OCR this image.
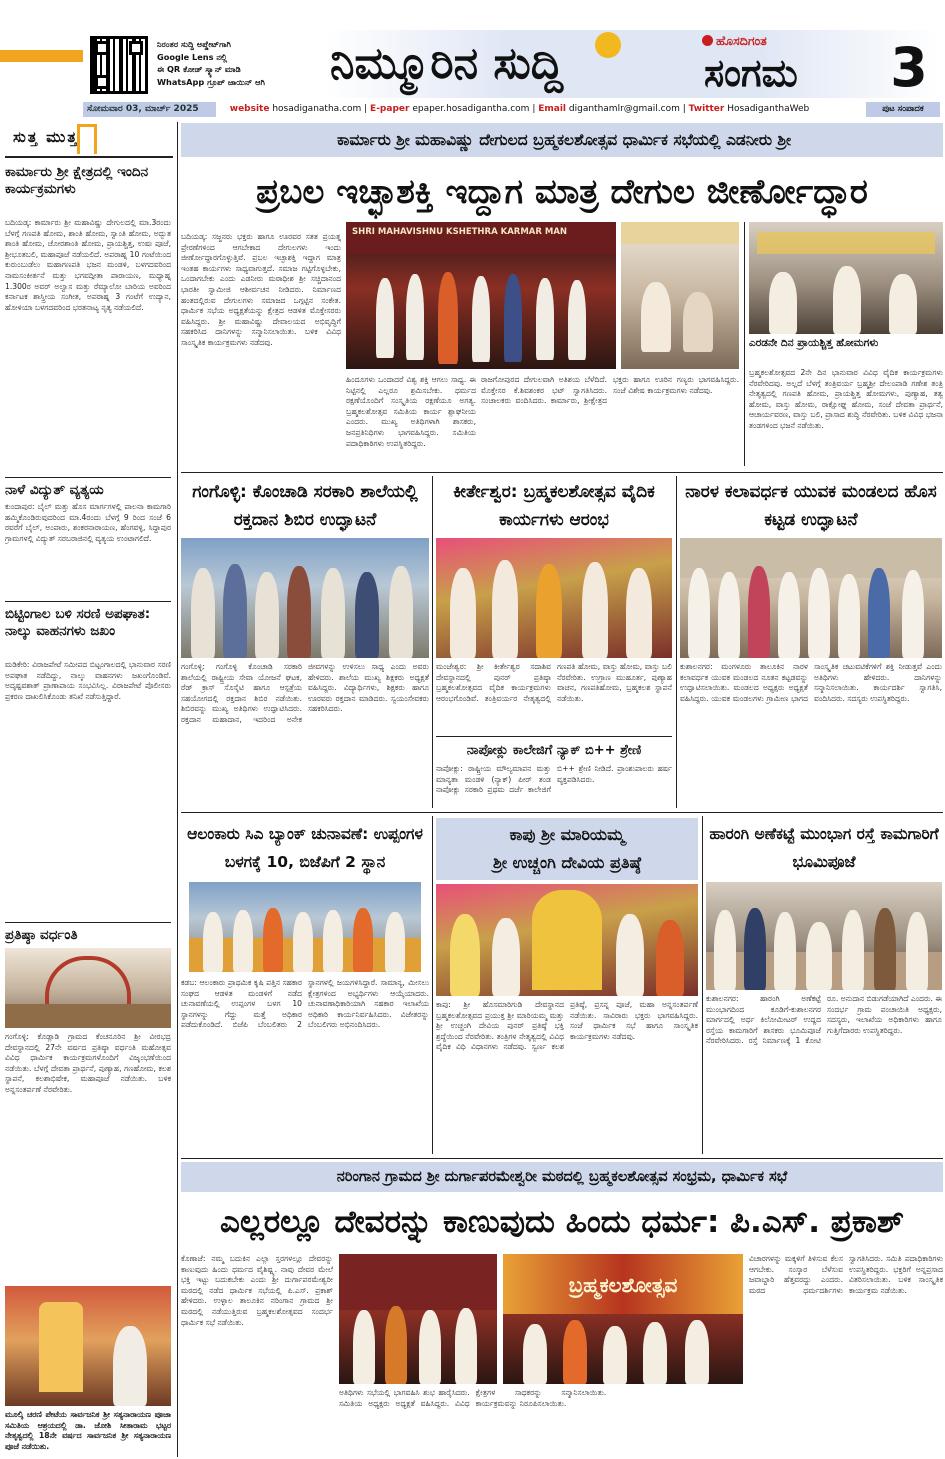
ನಿರಂತರ ಸುದ್ದಿ ಅಪ್ಡೇಟ್‌ಗಾಗಿ
Google Lens ನಲ್ಲಿ
ಈ QR ಕೋಡ್ ಸ್ಕ್ಯಾನ್ ಮಾಡಿ
WhatsApp ಗ್ರೂಪ್ ಜಾಯಿನ್ ಆಗಿ	ನಿಮ್ಮೂರಿನ ಸುದ್ದಿ	ಹೊಸದಿಗಂತ
ಸಂಗಮ	3
ಸೋಮವಾರ 03, ಮಾರ್ಚ್ 2025	website hosadiganatha.com | E-paper epaper.hosadigantha.com | Email diganthamlr@gmail.com | Twitter HosadiganthaWeb	ಪುಟ ಸಂಪಾದಕ
ಸುತ್ತ ಮುತ್ತ
ಕಾರ್ಮಾರು ಶ್ರೀ ಕ್ಷೇತ್ರದಲ್ಲಿ ಇಂದಿನ ಕಾರ್ಯಕ್ರಮಗಳು
ಬದಿಯಡ್ಕ: ಕಾರ್ಮಾರು ಶ್ರೀ ಮಹಾವಿಷ್ಣು ದೇಗುಲದಲ್ಲಿ ಮಾ.3ರಂದು ಬೆಳಗ್ಗೆ ಗಣಪತಿ ಹೋಮ, ಶಾಂತಿ ಹೋಮ, ಸ್ವಾಂತಿ ಹೋಮ, ಅದ್ಭುತ ಶಾಂತಿ ಹೋಮ, ಚೋರಶಾಂತಿ ಹೋಮ, ಪ್ರಾಯಶ್ಚಿತ್ತ, ಉಷಃ ಪೂಜೆ, ಶ್ರೀಭೂತಬಲಿ, ಮಹಾಪೂಜೆ ನಡೆಯಲಿದೆ. ಅಪರಾಹ್ನ 10 ಗಂಟೆಯಿಂದ ಕುರುಂಬುಡೆಲು ಮಹಾಗಣಪತಿ ಭಜನ ಮಂಡಳಿ, ಬಳಗದವರಿಂದ ನಾಮಸಂಕೀರ್ತನೆ ಮತ್ತು ಭಗವದ್ಗೀತಾ ಪಾರಾಯಣ, ಮಧ್ಯಾಹ್ನ 1.300ರ ಅವರ್ ಅಲ್ವಾಸ ಮತ್ತು ರೆಮ್ಯಾಲೋ ಬಾರಿಯ ಅವರಿಂದ ಕರ್ನಾಟಕ ಶಾಸ್ತ್ರೀಯ ಸಂಗೀತ, ಅಪರಾಹ್ನ 3 ಗಂಟೆಗೆ ಉದ್ಯಾನ, ಹೋಳಿಯಾ ಬಳಗದವರಿಂದ ಭರತನಾಟ್ಯ ನೃತ್ಯ ನಡೆಯಲಿದೆ.
ನಾಳೆ ವಿದ್ಯುತ್ ವ್ಯತ್ಯಯ
ಕುಂದಾಪುರ: ಬೈಲ್ ಮತ್ತು ಹೊಸ ಮಾರ್ಗಗಳಲ್ಲಿ ಪಾಲನಾ ಕಾಮಗಾರಿ ಹಮ್ಮಿಕೊಂಡಿರುವುದರಿಂದ ಮಾ.4ರಂದು ಬೆಳಗ್ಗೆ 9 ರಿಂದ ಸಂಜೆ 6 ರವರೆಗೆ ಬೈಲ್, ಅಂಪಾರು, ಶಂಕರನಾರಾಯಣ, ಹೆಂಗವಳ್ಳಿ, ಸಿದ್ದಾಪುರ ಗ್ರಾಮಗಳಲ್ಲಿ ವಿದ್ಯುತ್ ಸರಬರಾಜಿನಲ್ಲಿ ವ್ಯತ್ಯಯ ಉಂಟಾಗಲಿದೆ.
ಬಿಟ್ಟಿಂಗಾಲ ಬಳಿ ಸರಣಿ ಅಪಘಾತ: ನಾಲ್ಕು ವಾಹನಗಳು ಜಖಂ
ಮಡಿಕೇರಿ: ವಿರಾಜಪೇಟೆ ಸಮೀಪದ ಬಿಟ್ಟಂಗಾಲದಲ್ಲಿ ಭಾನುವಾರ ಸರಣಿ ಅಪಘಾತ ನಡೆದಿದ್ದು, ನಾಲ್ಕು ವಾಹನಗಳು ಜಖಂಗೊಂಡಿವೆ. ಅದೃಷ್ಟವಶಾತ್ ಪ್ರಾಣಾಪಾಯ ಸಂಭವಿಸಿಲ್ಲ. ವಿರಾಜಪೇಟೆ ಪೊಲೀಸರು ಪ್ರಕರಣ ದಾಖಲಿಸಿಕೊಂಡು ತನಿಖೆ ನಡೆಸುತ್ತಿದ್ದಾರೆ.
ಪ್ರತಿಷ್ಠಾ ವರ್ಧಂತಿ
ಗಂಗೊಳ್ಳಿ: ಕೊಡ್ಲಾಡಿ ಗ್ರಾಮದ ಕೆಂಚನೂರಿನ ಶ್ರೀ ವೀರಭದ್ರ ದೇವಸ್ಥಾನದಲ್ಲಿ 27ನೇ ವರ್ಷದ ಪ್ರತಿಷ್ಠಾ ವರ್ಧಂತಿ ಮಹೋತ್ಸವ ವಿವಿಧ ಧಾರ್ಮಿಕ ಕಾರ್ಯಕ್ರಮಗಳೊಂದಿಗೆ ವಿಜೃಂಭಣೆಯಿಂದ ನಡೆಯಿತು. ಬೆಳಗ್ಗೆ ದೇವತಾ ಪ್ರಾರ್ಥನೆ, ಪುಣ್ಯಾಹ, ಗಣಹೋಮ, ಕಲಶ ಸ್ಥಾಪನೆ, ಕಲಶಾಭಿಷೇಕ, ಮಹಾಪೂಜೆ ನಡೆಯಿತು. ಬಳಿಕ ಅನ್ನಸಂತರ್ಪಣೆ ನೆರವೇರಿತು.
ಮೂಲ್ಕಿ ಚರಣಿ ಪೇಟೆಯ ಸಾರ್ವಜನಿಕ ಶ್ರೀ ಸತ್ಯನಾರಾಯಣ ಪೂಜಾ ಸಮಿತಿಯ ಆಶ್ರಯದಲ್ಲಿ ಡಾ. ಜೋಶಿ ಸೀತಾರಾಮ ಭಟ್ಟರ ನೇತೃತ್ವದಲ್ಲಿ 18ನೇ ವರ್ಷದ ಸಾರ್ವಜನಿಕ ಶ್ರೀ ಸತ್ಯನಾರಾಯಣ ಪೂಜೆ ನಡೆಯಿತು.
ಕಾರ್ಮಾರು ಶ್ರೀ ಮಹಾವಿಷ್ಣು ದೇಗುಲದ ಬ್ರಹ್ಮಕಲಶೋತ್ಸವ ಧಾರ್ಮಿಕ ಸಭೆಯಲ್ಲಿ ಎಡನೀರು ಶ್ರೀ
ಪ್ರಬಲ ಇಚ್ಛಾಶಕ್ತಿ ಇದ್ದಾಗ ಮಾತ್ರ ದೇಗುಲ ಜೀರ್ಣೋದ್ಧಾರ
ಬದಿಯಡ್ಕ: ಸಜ್ಜನರು ಭಕ್ತರು ಹಾಗೂ ಊರವರ ಸತತ ಪ್ರಯತ್ನ ಪ್ರೇರಣೆಗಳಿಂದ ಆಗಬೇಕಾದ ದೇಗುಲಗಳು ಇಂದು ಜೀರ್ಣೋದ್ಧಾರಗೊಳ್ಳುತ್ತಿವೆ. ಪ್ರಬಲ ಇಚ್ಛಾಶಕ್ತಿ ಇದ್ದಾಗ ಮಾತ್ರ ಇಂತಹ ಕಾರ್ಯಗಳು ಸಾಧ್ಯವಾಗುತ್ತದೆ. ಸಮಾಜ ಗಟ್ಟಿಗೊಳ್ಳಬೇಕು, ಒಂದಾಗಬೇಕು ಎಂದು ಎಡನೀರು ಮಠಾಧೀಶ ಶ್ರೀ ಸಚ್ಚಿದಾನಂದ ಭಾರತೀ ಸ್ವಾಮೀಜಿ ಆಶೀರ್ವಚನ ನೀಡಿದರು. ನಿರ್ಮಾಣದ ಹಂತದಲ್ಲಿರುವ ದೇಗುಲಗಳು ಸಮಾಜದ ಒಗ್ಗಟ್ಟಿನ ಸಂಕೇತ. ಧಾರ್ಮಿಕ ಸಭೆಯ ಅಧ್ಯಕ್ಷತೆಯನ್ನು ಕ್ಷೇತ್ರದ ಆಡಳಿತ ಮೊಕ್ತೇಸರರು ವಹಿಸಿದ್ದರು. ಶ್ರೀ ಮಹಾವಿಷ್ಣು ದೇವಾಲಯದ ಅಭಿವೃದ್ಧಿಗೆ ಸಹಕರಿಸಿದ ದಾನಿಗಳನ್ನು ಸನ್ಮಾನಿಸಲಾಯಿತು. ಬಳಿಕ ವಿವಿಧ ಸಾಂಸ್ಕೃತಿಕ ಕಾರ್ಯಕ್ರಮಗಳು ನಡೆದವು.
SHRI MAHAVISHNU KSHETHRA KARMAR MAN
ಹಿಂದೂಗಳು ಒಂದಾದರೆ ವಿಶ್ವ ಶಕ್ತಿ ಆಗಲು ಸಾಧ್ಯ. ಈ ನಿಟ್ಟಿನಲ್ಲಿ ಎಲ್ಲರೂ ಶ್ರಮಿಸಬೇಕು. ಧರ್ಮದ ರಕ್ಷಣೆಯೊಂದಿಗೆ ಸಂಸ್ಕೃತಿಯ ರಕ್ಷಣೆಯೂ ಅಗತ್ಯ. ಬ್ರಹ್ಮಕಲಶೋತ್ಸವ ಸಮಿತಿಯ ಕಾರ್ಯ ಶ್ಲಾಘನೀಯ ಎಂದರು. ಮುಖ್ಯ ಅತಿಥಿಗಳಾಗಿ ಶಾಸಕರು, ಜನಪ್ರತಿನಿಧಿಗಳು ಭಾಗವಹಿಸಿದ್ದರು. ಸಮಿತಿಯ ಪದಾಧಿಕಾರಿಗಳು ಉಪಸ್ಥಿತರಿದ್ದರು.
ರಾಜಗೋಪುರದ ದೇಗುಲವಾಗಿ ಅತಿಶಯ ಬೆಳೆದಿದೆ. ಮೊಕ್ತೇಸರ ಕೆ.ಶಿವಶಂಕರ ಭಟ್ ಸ್ವಾಗತಿಸಿದರು. ಸಂಚಾಲಕರು ವಂದಿಸಿದರು. ಕಾರ್ಮಾರು, ಶ್ರೀಕ್ಷೇತ್ರದ ಭಕ್ತರು ಹಾಗೂ ಊರಿನ ಗಣ್ಯರು ಭಾಗವಹಿಸಿದ್ದರು. ಸಂಜೆ ವಿಶೇಷ ಕಾರ್ಯಕ್ರಮಗಳು ನಡೆದವು.
ಎರಡನೇ ದಿನ ಪ್ರಾಯಶ್ಚಿತ್ತ ಹೋಮಗಳು
ಬ್ರಹ್ಮಕಲಶೋತ್ಸವದ 2ನೇ ದಿನ ಭಾನುವಾರ ವಿವಿಧ ವೈದಿಕ ಕಾರ್ಯಕ್ರಮಗಳು ನೆರವೇರಿದವು. ಅಲ್ಲದೆ ಬೆಳಗ್ಗೆ ತಂತ್ರಿವರ್ಯ ಬ್ರಹ್ಮಶ್ರೀ ದೇಲಂಪಾಡಿ ಗಣೇಶ ತಂತ್ರಿ ನೇತೃತ್ವದಲ್ಲಿ ಗಣಪತಿ ಹೋಮ, ಪ್ರಾಯಶ್ಚಿತ್ತ ಹೋಮಗಳು, ಪುಣ್ಯಾಹ, ತತ್ವ ಹೋಮ, ವಾಸ್ತು ಹೋಮ, ರಾಕ್ಷೋಘ್ನ ಹೋಮ, ಸಂಜೆ ದೇವತಾ ಪ್ರಾರ್ಥನೆ, ಆಚಾರ್ಯವರಣ, ವಾಸ್ತು ಬಲಿ, ಪ್ರಾಸಾದ ಶುದ್ಧಿ ನೆರವೇರಿತು. ಬಳಿಕ ವಿವಿಧ ಭಜನಾ ತಂಡಗಳಿಂದ ಭಜನೆ ನಡೆಯಿತು.
ಗಂಗೊಳ್ಳಿ: ಕೊಂಚಾಡಿ ಸರಕಾರಿ ಶಾಲೆಯಲ್ಲಿ ರಕ್ತದಾನ ಶಿಬಿರ ಉದ್ಘಾಟನೆ
ಗಂಗೊಳ್ಳಿ: ಗಂಗೊಳ್ಳಿ ಕೊಂಚಾಡಿ ಸರಕಾರಿ ಶಾಲೆಯಲ್ಲಿ ರಾಷ್ಟ್ರೀಯ ಸೇವಾ ಯೋಜನೆ ಘಟಕ, ರೆಡ್ ಕ್ರಾಸ್ ಸೊಸೈಟಿ ಹಾಗೂ ಆಸ್ಪತ್ರೆಯ ಸಹಯೋಗದಲ್ಲಿ ರಕ್ತದಾನ ಶಿಬಿರ ನಡೆಯಿತು. ಶಿಬಿರವನ್ನು ಮುಖ್ಯ ಅತಿಥಿಗಳು ಉದ್ಘಾಟಿಸಿದರು. ರಕ್ತದಾನ ಮಹಾದಾನ, ಇದರಿಂದ ಅನೇಕ ಜೀವಗಳನ್ನು ಉಳಿಸಲು ಸಾಧ್ಯ ಎಂದು ಅವರು ಹೇಳಿದರು. ಶಾಲೆಯ ಮುಖ್ಯ ಶಿಕ್ಷಕರು ಅಧ್ಯಕ್ಷತೆ ವಹಿಸಿದ್ದರು. ವಿದ್ಯಾರ್ಥಿಗಳು, ಶಿಕ್ಷಕರು ಹಾಗೂ ಊರವರು ರಕ್ತದಾನ ಮಾಡಿದರು. ಸ್ವಯಂಸೇವಕರು ಸಹಕರಿಸಿದರು.
ಕೀರ್ತೇಶ್ವರ: ಬ್ರಹ್ಮಕಲಶೋತ್ಸವ ವೈದಿಕ ಕಾರ್ಯಗಳು ಆರಂಭ
ಮಂಜೇಶ್ವರ: ಶ್ರೀ ಕೀರ್ತೇಶ್ವರ ಸದಾಶಿವ ದೇವಸ್ಥಾನದಲ್ಲಿ ಪುನರ್ ಪ್ರತಿಷ್ಠಾ ಬ್ರಹ್ಮಕಲಶೋತ್ಸವದ ವೈದಿಕ ಕಾರ್ಯಕ್ರಮಗಳು ಆರಂಭಗೊಂಡಿವೆ. ತಂತ್ರಿವರ್ಯರ ನೇತೃತ್ವದಲ್ಲಿ ಗಣಪತಿ ಹೋಮ, ವಾಸ್ತು ಹೋಮ, ವಾಸ್ತು ಬಲಿ ನೆರವೇರಿತು. ಉಗ್ರಾಣ ಮುಹೂರ್ತ, ಪುಣ್ಯಾಹ ವಾಚನ, ಗಣಪತಿಹೋಮ, ಬ್ರಹ್ಮಕಲಶ ಸ್ಥಾಪನೆ ನಡೆಯಿತು.
ನಾಪೋಕ್ಲು ಕಾಲೇಜಿಗೆ ನ್ಯಾಕ್ ಬಿ++ ಶ್ರೇಣಿ
ನಾಪೋಕ್ಲು: ರಾಷ್ಟ್ರೀಯ ಮೌಲ್ಯಮಾಪನ ಮತ್ತು ಮಾನ್ಯತಾ ಮಂಡಳಿ (ನ್ಯಾಕ್) ಪೀರ್ ತಂಡ ನಾಪೋಕ್ಲು ಸರಕಾರಿ ಪ್ರಥಮ ದರ್ಜೆ ಕಾಲೇಜಿಗೆ ಬಿ++ ಶ್ರೇಣಿ ನೀಡಿದೆ. ಪ್ರಾಂಶುಪಾಲರು ಹರ್ಷ ವ್ಯಕ್ತಪಡಿಸಿದರು.
ನಾರಳ ಕಲಾವರ್ಧಕ ಯುವಕ ಮಂಡಲದ ಹೊಸ ಕಟ್ಟಡ ಉದ್ಘಾಟನೆ
ಕುಶಾಲನಗರ: ಮಂಗಳೂರು ತಾಲೂಕಿನ ನಾರಳ ಕಲಾವರ್ಧಕ ಯುವಕ ಮಂಡಲದ ನೂತನ ಕಟ್ಟಡವನ್ನು ಉದ್ಘಾಟಿಸಲಾಯಿತು. ಮಂಡಲದ ಅಧ್ಯಕ್ಷರು ಅಧ್ಯಕ್ಷತೆ ವಹಿಸಿದ್ದರು. ಯುವಕ ಮಂಡಲಗಳು ಗ್ರಾಮೀಣ ಭಾಗದ ಸಾಂಸ್ಕೃತಿಕ ಚಟುವಟಿಕೆಗಳಿಗೆ ಶಕ್ತಿ ನೀಡುತ್ತವೆ ಎಂದು ಅತಿಥಿಗಳು ಹೇಳಿದರು. ದಾನಿಗಳನ್ನು ಸನ್ಮಾನಿಸಲಾಯಿತು. ಕಾರ್ಯದರ್ಶಿ ಸ್ವಾಗತಿಸಿ, ವಂದಿಸಿದರು. ಸದಸ್ಯರು ಉಪಸ್ಥಿತರಿದ್ದರು.
ಆಲಂಕಾರು ಸಿಎ ಬ್ಯಾಂಕ್ ಚುನಾವಣೆ: ಉಪ್ಪಂಗಳ ಬಳಗಕ್ಕೆ 10, ಬಿಜೆಪಿಗೆ 2 ಸ್ಥಾನ
ಕಡಬ: ಆಲಂಕಾರು ಪ್ರಾಥಮಿಕ ಕೃಷಿ ಪತ್ತಿನ ಸಹಕಾರ ಸಂಘದ ಆಡಳಿತ ಮಂಡಳಿಗೆ ನಡೆದ ಚುನಾವಣೆಯಲ್ಲಿ ಉಪ್ಪಂಗಳ ಬಳಗ 10 ಸ್ಥಾನಗಳನ್ನು ಗೆದ್ದು ಮತ್ತೆ ಅಧಿಕಾರ ಪಡೆದುಕೊಂಡಿದೆ. ಬಿಜೆಪಿ ಬೆಂಬಲಿತರು 2 ಸ್ಥಾನಗಳಲ್ಲಿ ಜಯಗಳಿಸಿದ್ದಾರೆ. ಸಾಮಾನ್ಯ, ಮೀಸಲು ಕ್ಷೇತ್ರಗಳಿಂದ ಅಭ್ಯರ್ಥಿಗಳು ಆಯ್ಕೆಯಾದರು. ಚುನಾವಣಾಧಿಕಾರಿಯಾಗಿ ಸಹಕಾರ ಇಲಾಖೆಯ ಅಧಿಕಾರಿ ಕಾರ್ಯನಿರ್ವಹಿಸಿದರು. ವಿಜೇತರನ್ನು ಬೆಂಬಲಿಗರು ಅಭಿನಂದಿಸಿದರು.
ಕಾಪು ಶ್ರೀ ಮಾರಿಯಮ್ಮ
ಶ್ರೀ ಉಚ್ಚಂಗಿ ದೇವಿಯ ಪ್ರತಿಷ್ಠೆ
ಕಾಪು: ಶ್ರೀ ಹೊಸಮಾರಿಗುಡಿ ದೇವಸ್ಥಾನದ ಬ್ರಹ್ಮಕಲಶೋತ್ಸವದ ಪ್ರಯುಕ್ತ ಶ್ರೀ ಮಾರಿಯಮ್ಮ ಮತ್ತು ಶ್ರೀ ಉಚ್ಚಂಗಿ ದೇವಿಯ ಪುನರ್ ಪ್ರತಿಷ್ಠೆ ಭಕ್ತಿ ಶ್ರದ್ಧೆಯಿಂದ ನೆರವೇರಿತು. ತಂತ್ರಿಗಳ ನೇತೃತ್ವದಲ್ಲಿ ವಿವಿಧ ವೈದಿಕ ವಿಧಿ ವಿಧಾನಗಳು ನಡೆದವು. ಸ್ವರ್ಣ ಕಲಶ ಪ್ರತಿಷ್ಠೆ, ಪ್ರಸನ್ನ ಪೂಜೆ, ಮಹಾ ಅನ್ನಸಂತರ್ಪಣೆ ನಡೆಯಿತು. ಸಾವಿರಾರು ಭಕ್ತರು ಭಾಗವಹಿಸಿದ್ದರು. ಸಂಜೆ ಧಾರ್ಮಿಕ ಸಭೆ ಹಾಗೂ ಸಾಂಸ್ಕೃತಿಕ ಕಾರ್ಯಕ್ರಮಗಳು ನಡೆದವು.
ಹಾರಂಗಿ ಅಣೆಕಟ್ಟೆ ಮುಂಭಾಗ ರಸ್ತೆ ಕಾಮಗಾರಿಗೆ ಭೂಮಿಪೂಜೆ
ಕುಶಾಲನಗರ: ಹಾರಂಗಿ ಅಣೆಕಟ್ಟೆ ಮುಂಭಾಗದಿಂದ ಕೂಡಿಗೆ-ಕುಶಾಲನಗರ ಮಾರ್ಗದಲ್ಲಿ ಅರ್ಧ ಕಿಲೋಮೀಟರ್ ಉದ್ದದ ರಸ್ತೆಯ ಕಾಮಗಾರಿಗೆ ಶಾಸಕರು ಭೂಮಿಪೂಜೆ ನೆರವೇರಿಸಿದರು. ರಸ್ತೆ ನಿರ್ಮಾಣಕ್ಕೆ 1 ಕೋಟಿ ರೂ. ಅನುದಾನ ಬಿಡುಗಡೆಯಾಗಿದೆ ಎಂದರು. ಈ ಸಂದರ್ಭ ಗ್ರಾಮ ಪಂಚಾಯಿತಿ ಅಧ್ಯಕ್ಷರು, ಸದಸ್ಯರು, ಇಲಾಖೆಯ ಅಧಿಕಾರಿಗಳು ಹಾಗೂ ಗುತ್ತಿಗೆದಾರರು ಉಪಸ್ಥಿತರಿದ್ದರು.
ನರಿಂಗಾನ ಗ್ರಾಮದ ಶ್ರೀ ದುರ್ಗಾಪರಮೇಶ್ವರೀ ಮಠದಲ್ಲಿ ಬ್ರಹ್ಮಕಲಶೋತ್ಸವ ಸಂಭ್ರಮ, ಧಾರ್ಮಿಕ ಸಭೆ
ಎಲ್ಲರಲ್ಲೂ ದೇವರನ್ನು ಕಾಣುವುದು ಹಿಂದು ಧರ್ಮ: ಪಿ.ಎಸ್. ಪ್ರಕಾಶ್
ಕೊಣಾಜೆ: ನಮ್ಮ ಬದುಕಿನ ಎಲ್ಲಾ ಸ್ತರಗಳಲ್ಲೂ ದೇವರನ್ನು ಕಾಣುವುದು ಹಿಂದು ಧರ್ಮದ ವೈಶಿಷ್ಟ್ಯ. ನಾವು ದೇವರ ಮೇಲೆ ಭಕ್ತಿ ಇಟ್ಟು ಬದುಕಬೇಕು ಎಂದು ಶ್ರೀ ದುರ್ಗಾಪರಮೇಶ್ವರೀ ಮಠದಲ್ಲಿ ನಡೆದ ಧಾರ್ಮಿಕ ಸಭೆಯಲ್ಲಿ ಪಿ.ಎಸ್. ಪ್ರಕಾಶ್ ಹೇಳಿದರು. ಉಳ್ಳಾಲ ತಾಲೂಕಿನ ನರಿಂಗಾನ ಗ್ರಾಮದ ಶ್ರೀ ಮಠದಲ್ಲಿ ನಡೆಯುತ್ತಿರುವ ಬ್ರಹ್ಮಕಲಶೋತ್ಸವದ ಸಂದರ್ಭ ಧಾರ್ಮಿಕ ಸಭೆ ನಡೆಯಿತು.
ಬ್ರಹ್ಮಕಲಶೋತ್ಸವ
ಅತಿಥಿಗಳು ಸಭೆಯಲ್ಲಿ ಭಾಗವಹಿಸಿ ಶುಭ ಹಾರೈಸಿದರು. ಸಮಿತಿಯ ಅಧ್ಯಕ್ಷರು ಅಧ್ಯಕ್ಷತೆ ವಹಿಸಿದ್ದರು. ವಿವಿಧ ಕ್ಷೇತ್ರಗಳ ಸಾಧಕರನ್ನು ಸನ್ಮಾನಿಸಲಾಯಿತು. ಕಾರ್ಯಕ್ರಮವನ್ನು ನಿರೂಪಿಸಲಾಯಿತು.
ವಿಚಾರಗಳನ್ನು ಮಕ್ಕಳಿಗೆ ತಿಳಿಸುವ ಕೆಲಸ ಆಗಬೇಕು. ಸಂಸ್ಕಾರ ಬೆಳೆಸುವ ಜವಾಬ್ದಾರಿ ಹೆತ್ತವರದ್ದು ಎಂದರು. ಮಠದ ಧರ್ಮದರ್ಶಿಗಳು ಸ್ವಾಗತಿಸಿದರು. ಸಮಿತಿ ಪದಾಧಿಕಾರಿಗಳು ಉಪಸ್ಥಿತರಿದ್ದರು. ಭಕ್ತರಿಗೆ ಅನ್ನಪ್ರಸಾದ ವಿತರಿಸಲಾಯಿತು. ಬಳಿಕ ಸಾಂಸ್ಕೃತಿಕ ಕಾರ್ಯಕ್ರಮ ನಡೆಯಿತು.
